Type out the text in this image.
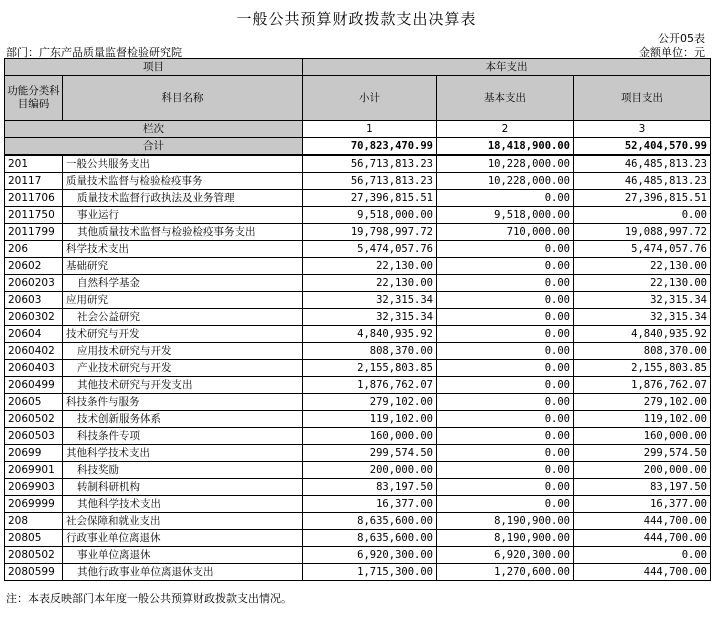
一般公共预算财政拨款支出决算表
公开05表
部门：广东产品质量监督检验研究院	金额单位：元
项目		本年支出		
功能分类科目编码	科目名称	小计	基本支出	项目支出
栏次		1	2	3
合计		70,823,470.99	18,418,900.00	52,404,570.99
201	一般公共服务支出	56,713,813.23	10,228,000.00	46,485,813.23
20117	质量技术监督与检验检疫事务	56,713,813.23	10,228,000.00	46,485,813.23
2011706	质量技术监督行政执法及业务管理	27,396,815.51	0.00	27,396,815.51
2011750	事业运行	9,518,000.00	9,518,000.00	0.00
2011799	其他质量技术监督与检验检疫事务支出	19,798,997.72	710,000.00	19,088,997.72
206	科学技术支出	5,474,057.76	0.00	5,474,057.76
20602	基础研究	22,130.00	0.00	22,130.00
2060203	自然科学基金	22,130.00	0.00	22,130.00
20603	应用研究	32,315.34	0.00	32,315.34
2060302	社会公益研究	32,315.34	0.00	32,315.34
20604	技术研究与开发	4,840,935.92	0.00	4,840,935.92
2060402	应用技术研究与开发	808,370.00	0.00	808,370.00
2060403	产业技术研究与开发	2,155,803.85	0.00	2,155,803.85
2060499	其他技术研究与开发支出	1,876,762.07	0.00	1,876,762.07
20605	科技条件与服务	279,102.00	0.00	279,102.00
2060502	技术创新服务体系	119,102.00	0.00	119,102.00
2060503	科技条件专项	160,000.00	0.00	160,000.00
20699	其他科学技术支出	299,574.50	0.00	299,574.50
2069901	科技奖励	200,000.00	0.00	200,000.00
2069903	转制科研机构	83,197.50	0.00	83,197.50
2069999	其他科学技术支出	16,377.00	0.00	16,377.00
208	社会保障和就业支出	8,635,600.00	8,190,900.00	444,700.00
20805	行政事业单位离退休	8,635,600.00	8,190,900.00	444,700.00
2080502	事业单位离退休	6,920,300.00	6,920,300.00	0.00
2080599	其他行政事业单位离退休支出	1,715,300.00	1,270,600.00	444,700.00
注：本表反映部门本年度一般公共预算财政拨款支出情况。
